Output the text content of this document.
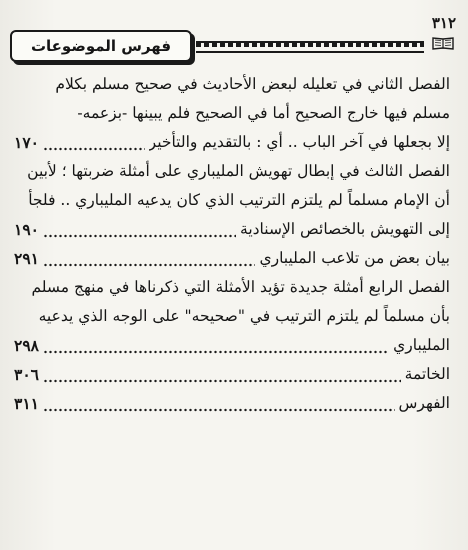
٣١٢
فهرس الموضوعات
الفصل الثاني في تعليله لبعض الأحاديث في صحيح مسلم بكلام
مسلم فيها خارج الصحيح أما في الصحيح فلم يبينها -بزعمه-
إلا بجعلها في آخر الباب .. أي : بالتقديم والتأخير
١٧٠
الفصل الثالث في إبطال تهويش المليباري على أمثلة ضربتها ؛ لأبين
أن الإمام مسلماً لم يلتزم الترتيب الذي كان يدعيه المليباري .. فلجأ
إلى التهويش بالخصائص الإسنادية
١٩٠
بيان بعض من تلاعب المليباري
٢٩١
الفصل الرابع أمثلة جديدة تؤيد الأمثلة التي ذكرناها في منهج مسلم
بأن مسلماً لم يلتزم الترتيب في "صحيحه" على الوجه الذي يدعيه
المليباري
٢٩٨
الخاتمة
٣٠٦
الفهرس
٣١١
